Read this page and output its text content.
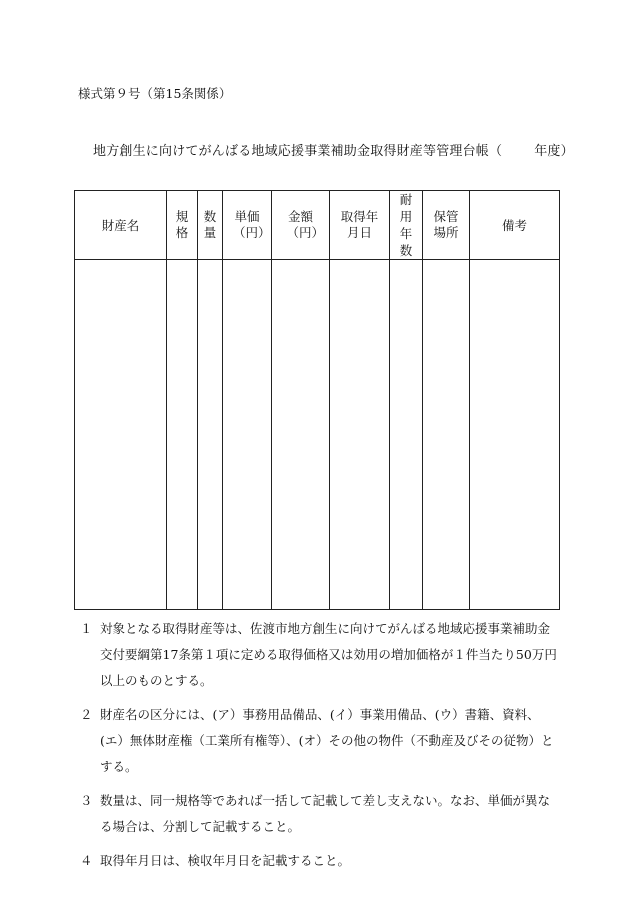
様式第９号（第15条関係）
地方創生に向けてがんばる地域応援事業補助金取得財産等管理台帳（ 年度）
財産名	規格	数量	単価（円）	金額（円）	取得年月日	耐用年数	保管場所	備考

１ 対象となる取得財産等は、佐渡市地方創生に向けてがんばる地域応援事業補助金交付要綱第17条第１項に定める取得価格又は効用の増加価格が１件当たり50万円以上のものとする。
２ 財産名の区分には、(ア）事務用品備品、(イ）事業用備品、(ウ）書籍、資料、(エ）無体財産権（工業所有権等）、(オ）その他の物件（不動産及びその従物）とする。
３ 数量は、同一規格等であれば一括して記載して差し支えない。なお、単価が異なる場合は、分割して記載すること。
４ 取得年月日は、検収年月日を記載すること。
